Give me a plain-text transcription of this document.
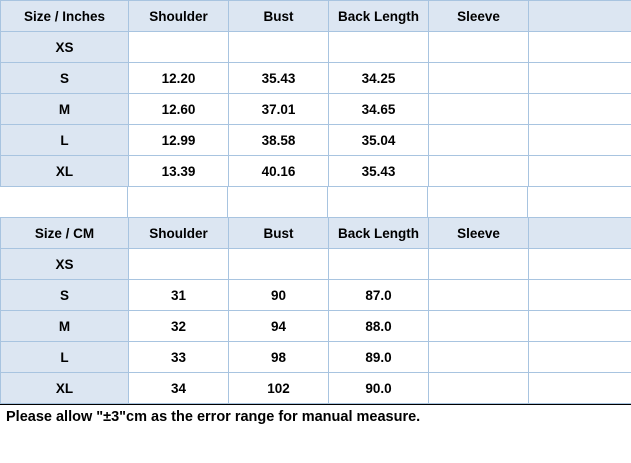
Size / Inches	Shoulder	Bust	Back Length	Sleeve	
XS					
S	12.20	35.43	34.25		
M	12.60	37.01	34.65		
L	12.99	38.58	35.04		
XL	13.39	40.16	35.43		
Size / CM	Shoulder	Bust	Back Length	Sleeve	
XS					
S	31	90	87.0		
M	32	94	88.0		
L	33	98	89.0		
XL	34	102	90.0		
Please allow "±3"cm as the error range for manual measure.
